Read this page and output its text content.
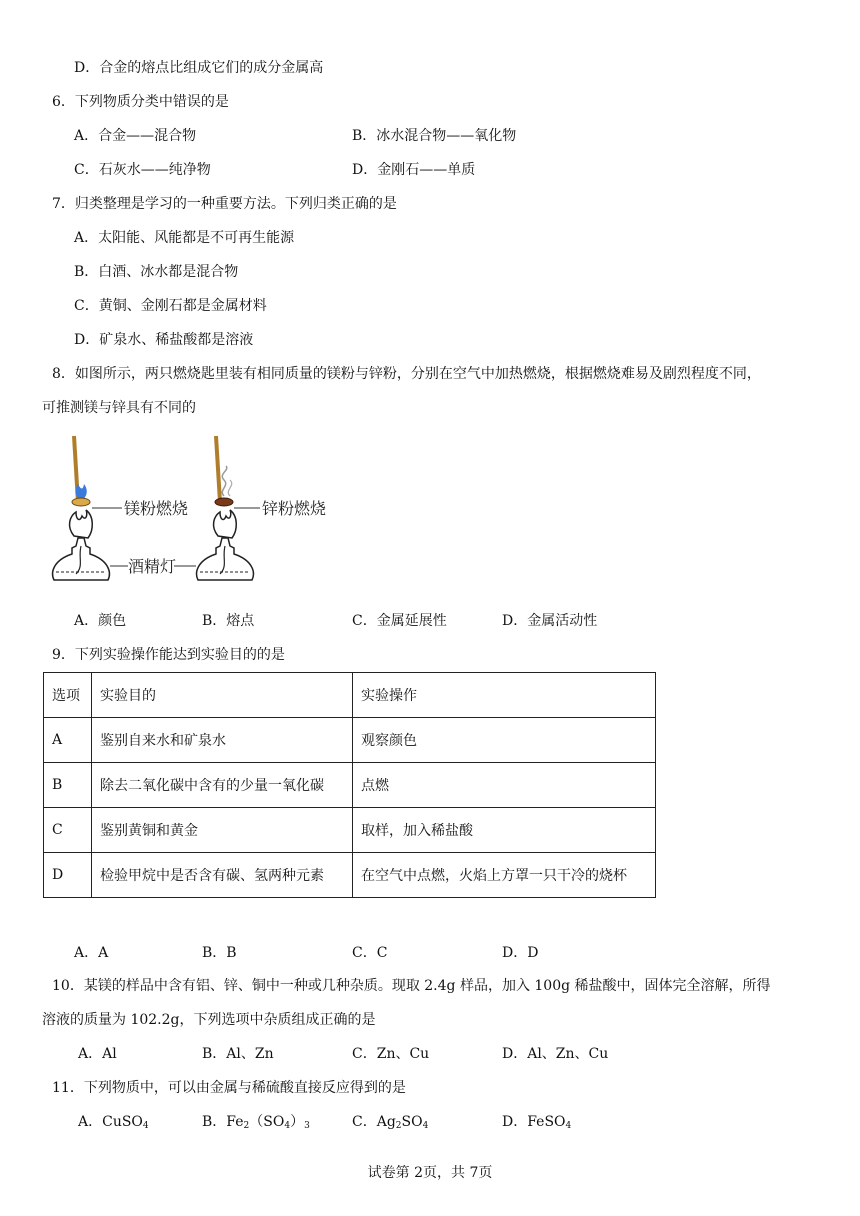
D．合金的熔点比组成它们的成分金属高
6．下列物质分类中错误的是
A．合金——混合物	B．冰水混合物——氧化物
C．石灰水——纯净物	D．金刚石——单质
7．归类整理是学习的一种重要方法。下列归类正确的是
A．太阳能、风能都是不可再生能源
B．白酒、冰水都是混合物
C．黄铜、金刚石都是金属材料
D．矿泉水、稀盐酸都是溶液
8．如图所示，两只燃烧匙里装有相同质量的镁粉与锌粉，分别在空气中加热燃烧，根据燃烧难易及剧烈程度不同，
可推测镁与锌具有不同的
镁粉燃烧	锌粉燃烧
酒精灯
A．颜色	B．熔点	C．金属延展性	D．金属活动性
9．下列实验操作能达到实验目的的是
选项	实验目的	实验操作
A	鉴别自来水和矿泉水	观察颜色
B	除去二氧化碳中含有的少量一氧化碳	点燃
C	鉴别黄铜和黄金	取样，加入稀盐酸
D	检验甲烷中是否含有碳、氢两种元素	在空气中点燃，火焰上方罩一只干冷的烧杯
A．A	B．B	C．C	D．D
10．某镁的样品中含有铝、锌、铜中一种或几种杂质。现取 2.4g 样品，加入 100g 稀盐酸中，固体完全溶解，所得
溶液的质量为 102.2g，下列选项中杂质组成正确的是
A．Al	B．Al、Zn	C．Zn、Cu	D．Al、Zn、Cu
11．下列物质中，可以由金属与稀硫酸直接反应得到的是
A．CuSO$_4$	B．$Fe_2(SO_4)_3$	C．$Ag_2SO_4$	D．FeSO$_4$
试卷第 2页，共 7页
